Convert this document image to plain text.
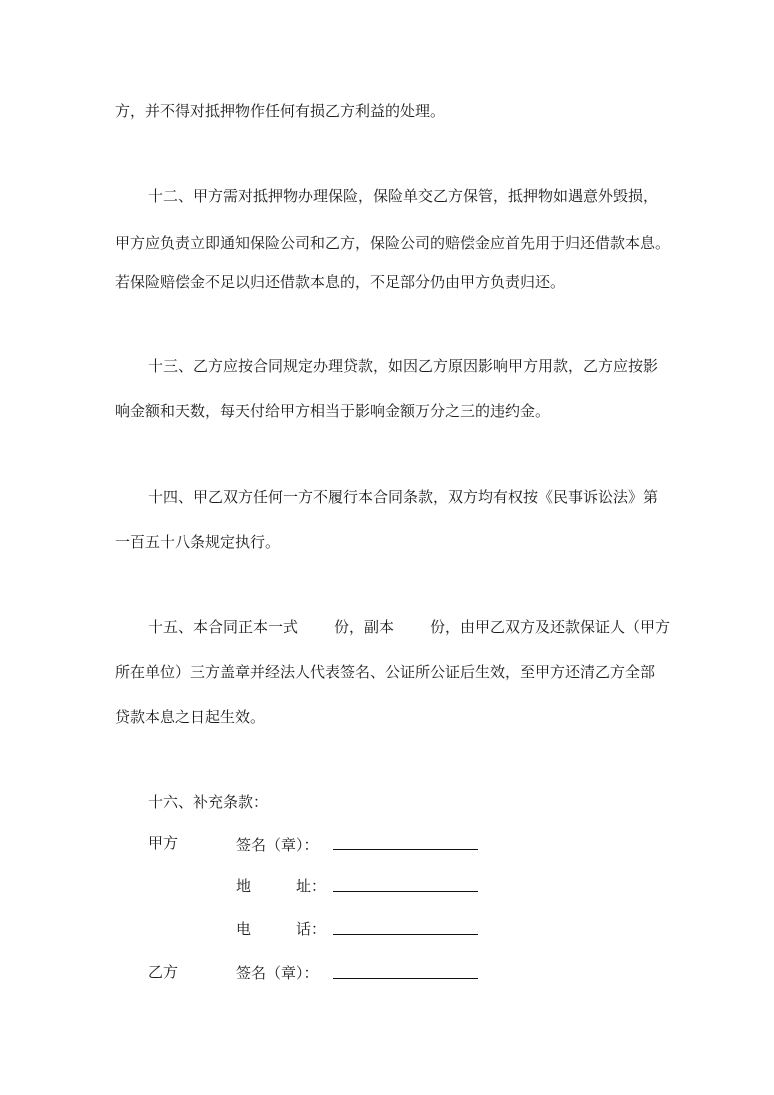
方，并不得对抵押物作任何有损乙方利益的处理。
十二、甲方需对抵押物办理保险，保险单交乙方保管，抵押物如遇意外毁损，
甲方应负责立即通知保险公司和乙方，保险公司的赔偿金应首先用于归还借款本息。
若保险赔偿金不足以归还借款本息的，不足部分仍由甲方负责归还。
十三、乙方应按合同规定办理贷款，如因乙方原因影响甲方用款，乙方应按影
响金额和天数，每天付给甲方相当于影响金额万分之三的违约金。
十四、甲乙双方任何一方不履行本合同条款，双方均有权按《民事诉讼法》第
一百五十八条规定执行。
十五、本合同正本一式 份，副本 份，由甲乙双方及还款保证人（甲方
所在单位）三方盖章并经法人代表签名、公证所公证后生效，至甲方还清乙方全部
贷款本息之日起生效。
十六、补充条款：
甲方	签名（章）：
地	址：
电	话：
乙方	签名（章）：
